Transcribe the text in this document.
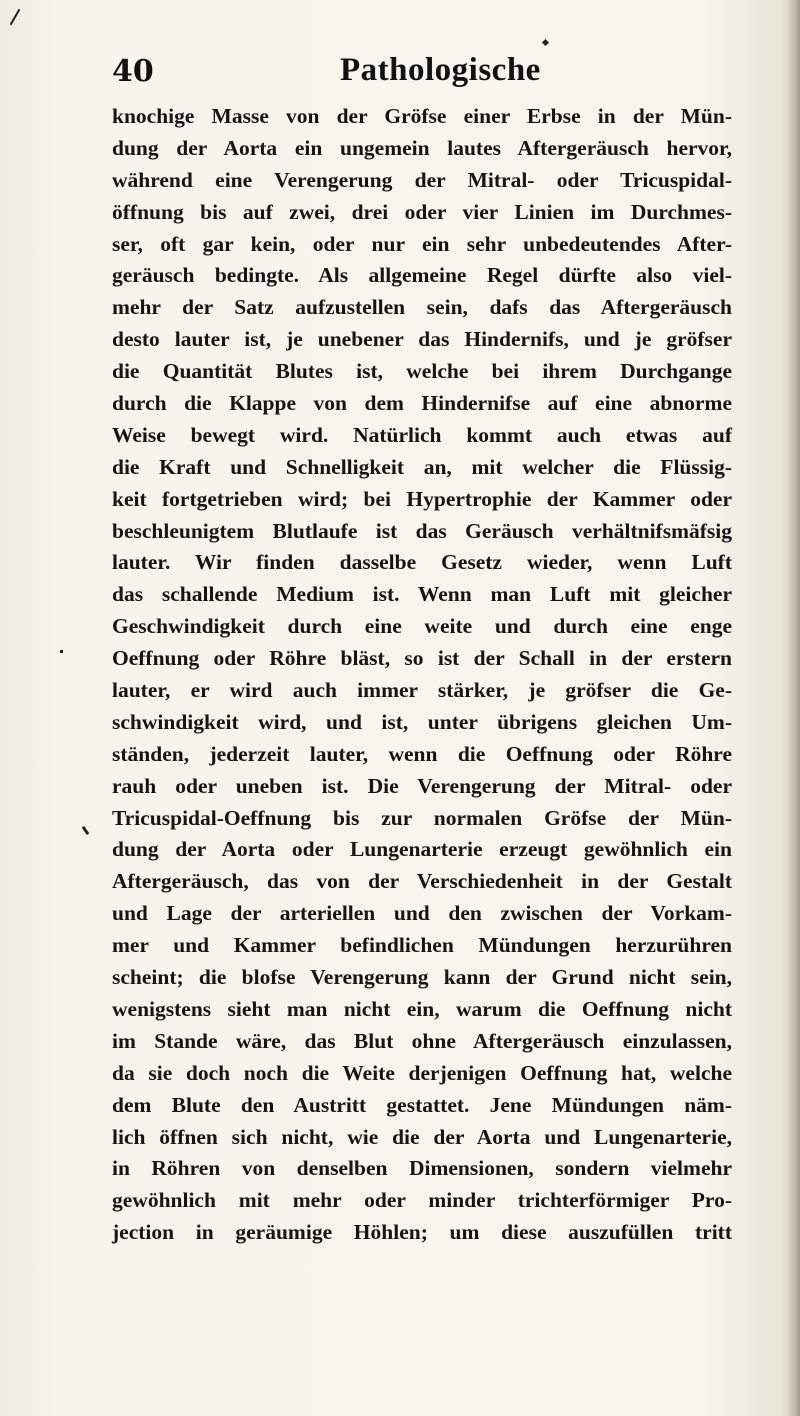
40	Pathologische
knochige Masse von der Gröfse einer Erbse in der Mün-
dung der Aorta ein ungemein lautes Aftergeräusch hervor,
während eine Verengerung der Mitral- oder Tricuspidal-
öffnung bis auf zwei, drei oder vier Linien im Durchmes-
ser, oft gar kein, oder nur ein sehr unbedeutendes After-
geräusch bedingte. Als allgemeine Regel dürfte also viel-
mehr der Satz aufzustellen sein, dafs das Aftergeräusch
desto lauter ist, je unebener das Hindernifs, und je gröfser
die Quantität Blutes ist, welche bei ihrem Durchgange
durch die Klappe von dem Hindernifse auf eine abnorme
Weise bewegt wird. Natürlich kommt auch etwas auf
die Kraft und Schnelligkeit an, mit welcher die Flüssig-
keit fortgetrieben wird; bei Hypertrophie der Kammer oder
beschleunigtem Blutlaufe ist das Geräusch verhältnifsmäfsig
lauter. Wir finden dasselbe Gesetz wieder, wenn Luft
das schallende Medium ist. Wenn man Luft mit gleicher
Geschwindigkeit durch eine weite und durch eine enge
Oeffnung oder Röhre bläst, so ist der Schall in der erstern
lauter, er wird auch immer stärker, je gröfser die Ge-
schwindigkeit wird, und ist, unter übrigens gleichen Um-
ständen, jederzeit lauter, wenn die Oeffnung oder Röhre
rauh oder uneben ist. Die Verengerung der Mitral- oder
Tricuspidal-Oeffnung bis zur normalen Gröfse der Mün-
dung der Aorta oder Lungenarterie erzeugt gewöhnlich ein
Aftergeräusch, das von der Verschiedenheit in der Gestalt
und Lage der arteriellen und den zwischen der Vorkam-
mer und Kammer befindlichen Mündungen herzurühren
scheint; die blofse Verengerung kann der Grund nicht sein,
wenigstens sieht man nicht ein, warum die Oeffnung nicht
im Stande wäre, das Blut ohne Aftergeräusch einzulassen,
da sie doch noch die Weite derjenigen Oeffnung hat, welche
dem Blute den Austritt gestattet. Jene Mündungen näm-
lich öffnen sich nicht, wie die der Aorta und Lungenarterie,
in Röhren von denselben Dimensionen, sondern vielmehr
gewöhnlich mit mehr oder minder trichterförmiger Pro-
jection in geräumige Höhlen; um diese auszufüllen tritt
